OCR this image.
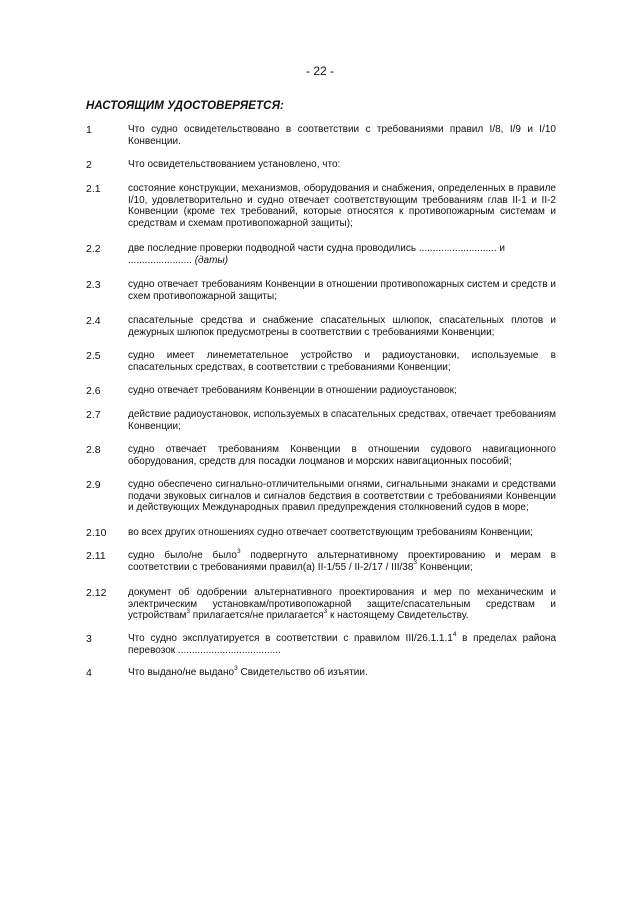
- 22 -
НАСТОЯЩИМ УДОСТОВЕРЯЕТСЯ:
1	Что судно освидетельствовано в соответствии с требованиями правил I/8, I/9 и I/10 Конвенции.
2	Что освидетельствованием установлено, что:
2.1	состояние конструкции, механизмов, оборудования и снабжения, определенных в правиле I/10, удовлетворительно и судно отвечает соответствующим требованиям глав II-1 и II-2 Конвенции (кроме тех требований, которые относятся к противопожарным системам и средствам и схемам противопожарной защиты);
2.2	две последние проверки подводной части судна проводились ............................ и
....................... (даты)
2.3	судно отвечает требованиям Конвенции в отношении противопожарных систем и средств и схем противопожарной защиты;
2.4	спасательные средства и снабжение спасательных шлюпок, спасательных плотов и дежурных шлюпок предусмотрены в соответствии с требованиями Конвенции;
2.5	судно имеет линеметательное устройство и радиоустановки, используемые в спасательных средствах, в соответствии с требованиями Конвенции;
2.6	судно отвечает требованиям Конвенции в отношении радиоустановок;
2.7	действие радиоустановок, используемых в спасательных средствах, отвечает требованиям Конвенции;
2.8	судно отвечает требованиям Конвенции в отношении судового навигационного оборудования, средств для посадки лоцманов и морских навигационных пособий;
2.9	судно обеспечено сигнально-отличительными огнями, сигнальными знаками и средствами подачи звуковых сигналов и сигналов бедствия в соответствии с требованиями Конвенции и действующих Международных правил предупреждения столкновений судов в море;
2.10 во всех других отношениях судно отвечает соответствующим требованиям Конвенции;
2.11 судно было/не было$^3$ подвергнуто альтернативному проектированию и мерам в соответствии с требованиями правил(а) II-1/55 / II-2/17 / III/$38^3$ Конвенции;
2.12 документ об одобрении альтернативного проектирования и мер по механическим и электрическим установкам/противопожарной защите/спасательным средствам и устройствам$^3$ прилагается/не прилагается$^3$ к настоящему Свидетельству.
3	Что судно эксплуатируется в соответствии с правилом III/26.1.1.1$^4$ в пределах района перевозок .....................................
4	Что выдано/не выдано$^3$ Свидетельство об изъятии.
